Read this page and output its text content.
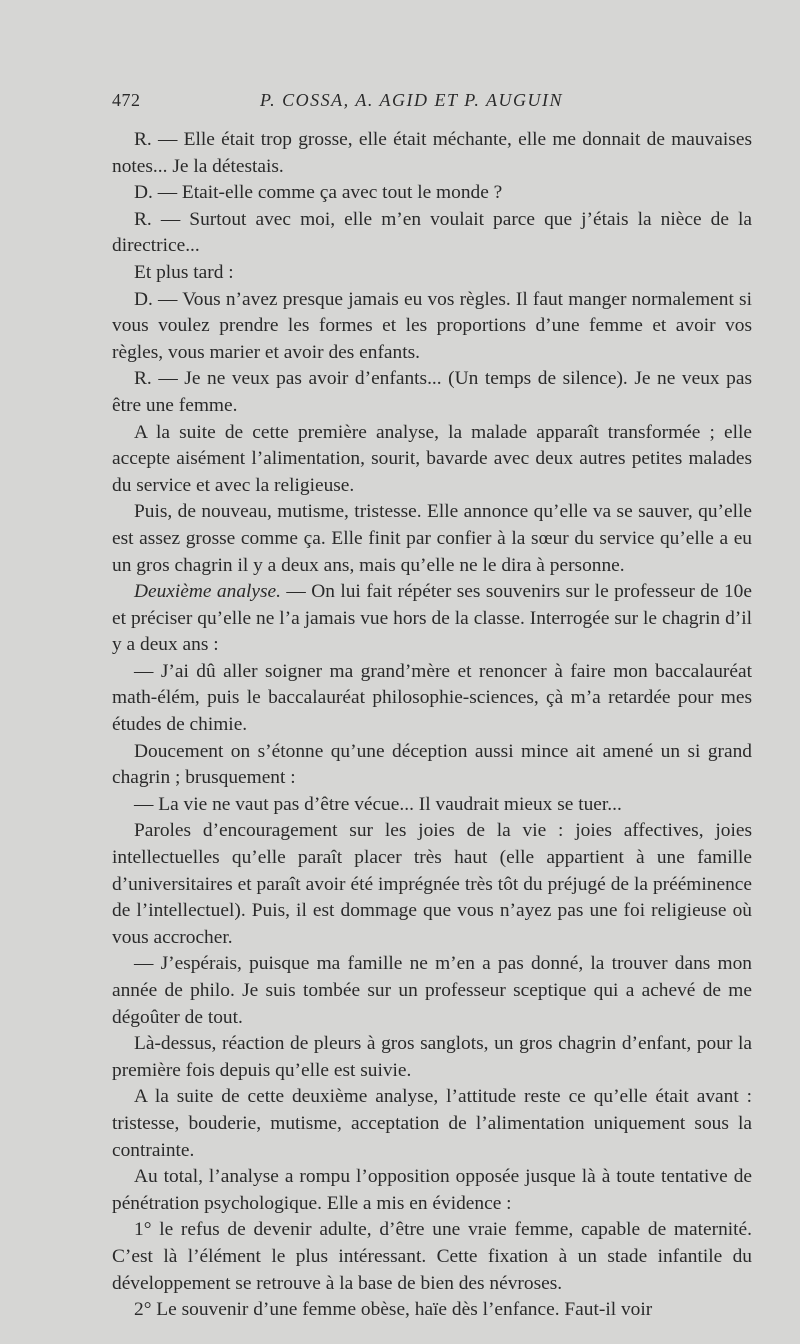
472	P. COSSA, A. AGID ET P. AUGUIN

R. — Elle était trop grosse, elle était méchante, elle me donnait de mauvaises notes... Je la détestais.

D. — Etait-elle comme ça avec tout le monde ?

R. — Surtout avec moi, elle m’en voulait parce que j’étais la nièce de la directrice...

Et plus tard :

D. — Vous n’avez presque jamais eu vos règles. Il faut manger normalement si vous voulez prendre les formes et les proportions d’une femme et avoir vos règles, vous marier et avoir des enfants.

R. — Je ne veux pas avoir d’enfants... (Un temps de silence). Je ne veux pas être une femme.

A la suite de cette première analyse, la malade apparaît transformée ; elle accepte aisément l’alimentation, sourit, bavarde avec deux autres petites malades du service et avec la religieuse.

Puis, de nouveau, mutisme, tristesse. Elle annonce qu’elle va se sauver, qu’elle est assez grosse comme ça. Elle finit par confier à la sœur du service qu’elle a eu un gros chagrin il y a deux ans, mais qu’elle ne le dira à personne.

Deuxième analyse. — On lui fait répéter ses souvenirs sur le professeur de 10e et préciser qu’elle ne l’a jamais vue hors de la classe. Interrogée sur le chagrin d’il y a deux ans :

— J’ai dû aller soigner ma grand’mère et renoncer à faire mon baccalauréat math-élém, puis le baccalauréat philosophie-sciences, çà m’a retardée pour mes études de chimie.

Doucement on s’étonne qu’une déception aussi mince ait amené un si grand chagrin ; brusquement :

— La vie ne vaut pas d’être vécue... Il vaudrait mieux se tuer...

Paroles d’encouragement sur les joies de la vie : joies affectives, joies intellectuelles qu’elle paraît placer très haut (elle appartient à une famille d’universitaires et paraît avoir été imprégnée très tôt du préjugé de la prééminence de l’intellectuel). Puis, il est dommage que vous n’ayez pas une foi religieuse où vous accrocher.

— J’espérais, puisque ma famille ne m’en a pas donné, la trouver dans mon année de philo. Je suis tombée sur un professeur sceptique qui a achevé de me dégoûter de tout.

Là-dessus, réaction de pleurs à gros sanglots, un gros chagrin d’enfant, pour la première fois depuis qu’elle est suivie.

A la suite de cette deuxième analyse, l’attitude reste ce qu’elle était avant : tristesse, bouderie, mutisme, acceptation de l’alimentation uniquement sous la contrainte.

Au total, l’analyse a rompu l’opposition opposée jusque là à toute tentative de pénétration psychologique. Elle a mis en évidence :

1° le refus de devenir adulte, d’être une vraie femme, capable de maternité. C’est là l’élément le plus intéressant. Cette fixation à un stade infantile du développement se retrouve à la base de bien des névroses.

2° Le souvenir d’une femme obèse, haïe dès l’enfance. Faut-il voir
